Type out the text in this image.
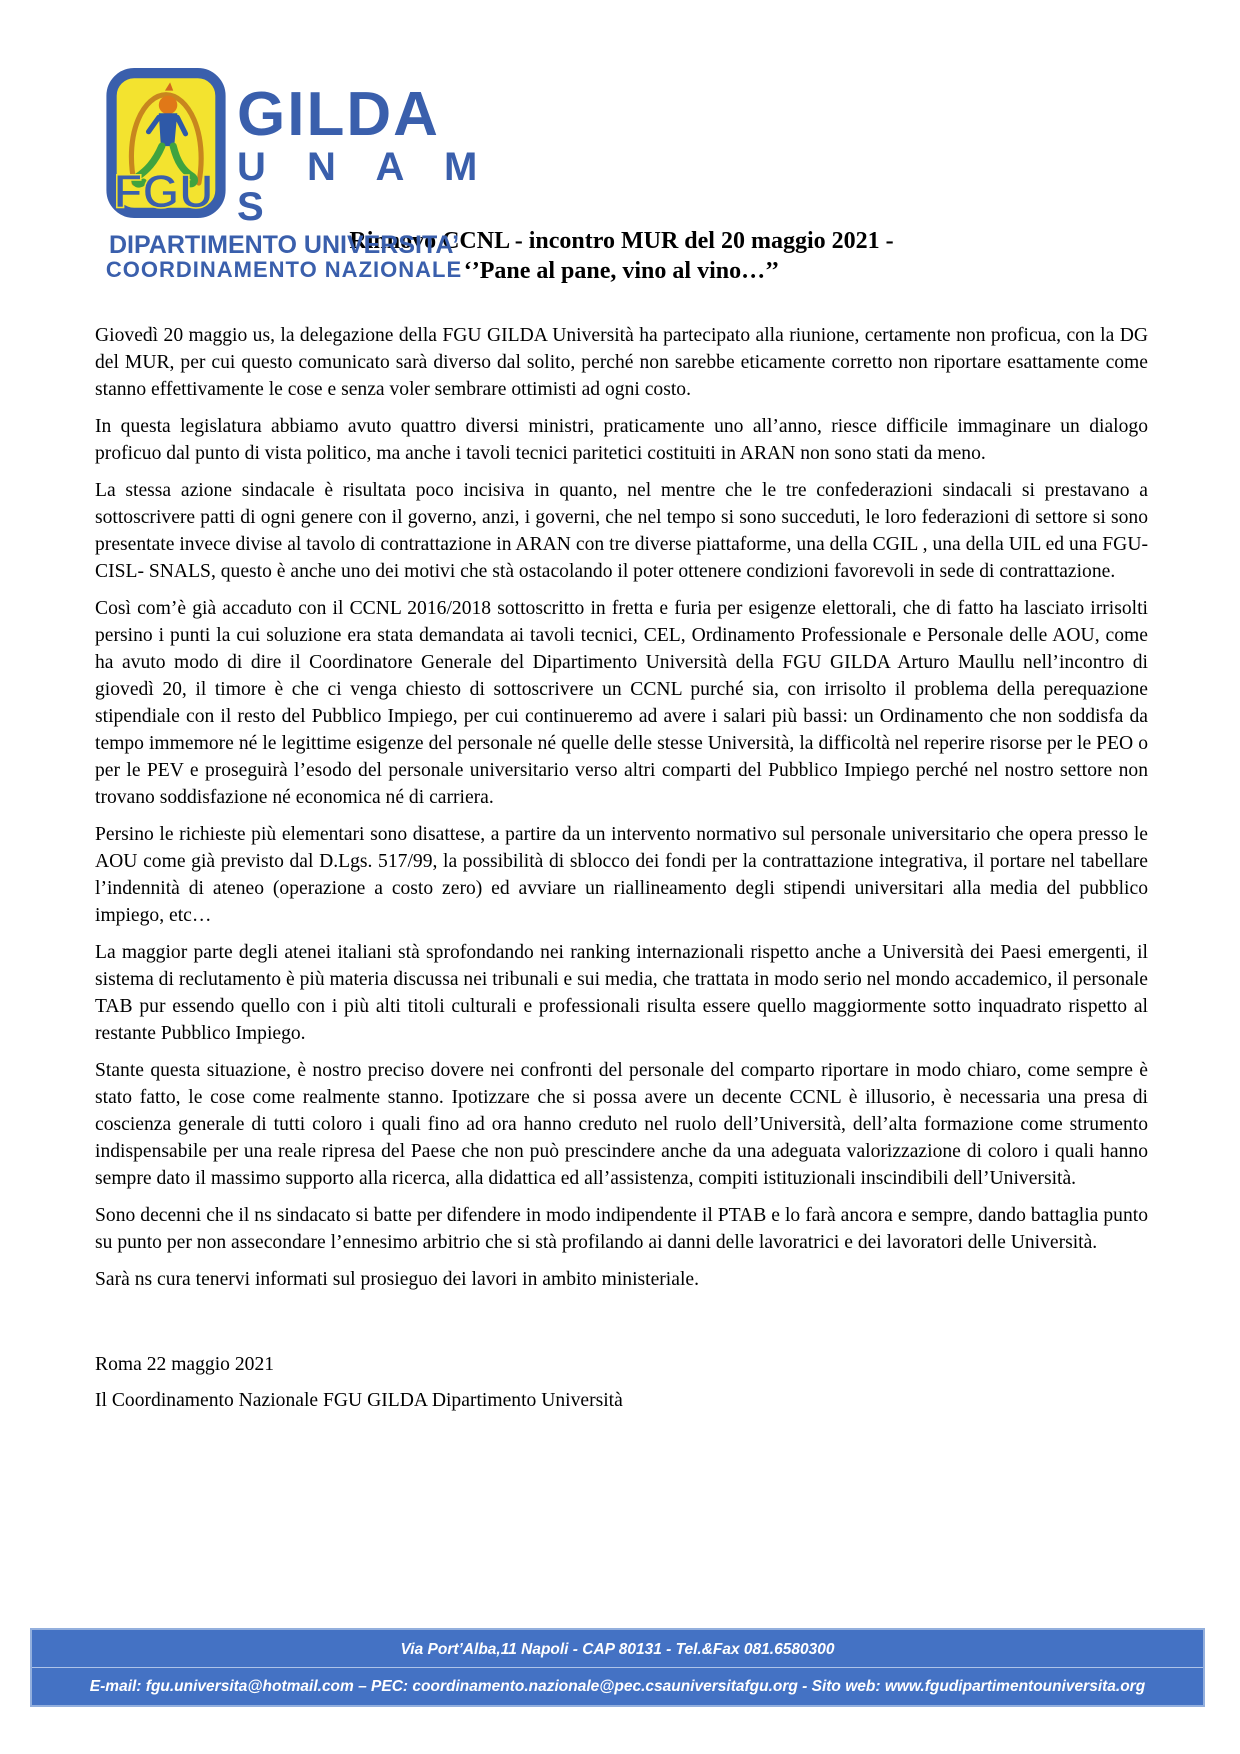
FGU
GILDA
U N A M S
DIPARTIMENTO UNIVERSITA’
COORDINAMENTO NAZIONALE
Rinnovo CCNL - incontro MUR del 20 maggio 2021 -
‘’Pane al pane, vino al vino…’’

Giovedì 20 maggio us, la delegazione della FGU GILDA Università ha partecipato alla riunione, certamente non proficua, con la DG del MUR, per cui questo comunicato sarà diverso dal solito, perché non sarebbe eticamente corretto non riportare esattamente come stanno effettivamente le cose e senza voler sembrare ottimisti ad ogni costo.

In questa legislatura abbiamo avuto quattro diversi ministri, praticamente uno all’anno, riesce difficile immaginare un dialogo proficuo dal punto di vista politico, ma anche i tavoli tecnici paritetici costituiti in ARAN non sono stati da meno.

La stessa azione sindacale è risultata poco incisiva in quanto, nel mentre che le tre confederazioni sindacali si prestavano a sottoscrivere patti di ogni genere con il governo, anzi, i governi, che nel tempo si sono succeduti, le loro federazioni di settore si sono presentate invece divise al tavolo di contrattazione in ARAN con tre diverse piattaforme, una della CGIL , una della UIL ed una FGU-CISL- SNALS, questo è anche uno dei motivi che stà ostacolando il poter ottenere condizioni favorevoli in sede di contrattazione.

Così com’è già accaduto con il CCNL 2016/2018 sottoscritto in fretta e furia per esigenze elettorali, che di fatto ha lasciato irrisolti persino i punti la cui soluzione era stata demandata ai tavoli tecnici, CEL, Ordinamento Professionale e Personale delle AOU, come ha avuto modo di dire il Coordinatore Generale del Dipartimento Università della FGU GILDA Arturo Maullu nell’incontro di giovedì 20, il timore è che ci venga chiesto di sottoscrivere un CCNL purché sia, con irrisolto il problema della perequazione stipendiale con il resto del Pubblico Impiego, per cui continueremo ad avere i salari più bassi: un Ordinamento che non soddisfa da tempo immemore né le legittime esigenze del personale né quelle delle stesse Università, la difficoltà nel reperire risorse per le PEO o per le PEV e proseguirà l’esodo del personale universitario verso altri comparti del Pubblico Impiego perché nel nostro settore non trovano soddisfazione né economica né di carriera.

Persino le richieste più elementari sono disattese, a partire da un intervento normativo sul personale universitario che opera presso le AOU come già previsto dal D.Lgs. 517/99, la possibilità di sblocco dei fondi per la contrattazione integrativa, il portare nel tabellare l’indennità di ateneo (operazione a costo zero) ed avviare un riallineamento degli stipendi universitari alla media del pubblico impiego, etc…

La maggior parte degli atenei italiani stà sprofondando nei ranking internazionali rispetto anche a Università dei Paesi emergenti, il sistema di reclutamento è più materia discussa nei tribunali e sui media, che trattata in modo serio nel mondo accademico, il personale TAB pur essendo quello con i più alti titoli culturali e professionali risulta essere quello maggiormente sotto inquadrato rispetto al restante Pubblico Impiego.

Stante questa situazione, è nostro preciso dovere nei confronti del personale del comparto riportare in modo chiaro, come sempre è stato fatto, le cose come realmente stanno. Ipotizzare che si possa avere un decente CCNL è illusorio, è necessaria una presa di coscienza generale di tutti coloro i quali fino ad ora hanno creduto nel ruolo dell’Università, dell’alta formazione come strumento indispensabile per una reale ripresa del Paese che non può prescindere anche da una adeguata valorizzazione di coloro i quali hanno sempre dato il massimo supporto alla ricerca, alla didattica ed all’assistenza, compiti istituzionali inscindibili dell’Università.

Sono decenni che il ns sindacato si batte per difendere in modo indipendente il PTAB e lo farà ancora e sempre, dando battaglia punto su punto per non assecondare l’ennesimo arbitrio che si stà profilando ai danni delle lavoratrici e dei lavoratori delle Università.

Sarà ns cura tenervi informati sul prosieguo dei lavori in ambito ministeriale.

Roma 22 maggio 2021

Il Coordinamento Nazionale FGU GILDA Dipartimento Università

Via Port’Alba,11 Napoli - CAP 80131 - Tel.&Fax 081.6580300
E-mail: fgu.universita@hotmail.com – PEC: coordinamento.nazionale@pec.csauniversitafgu.org - Sito web: www.fgudipartimentouniversita.org
